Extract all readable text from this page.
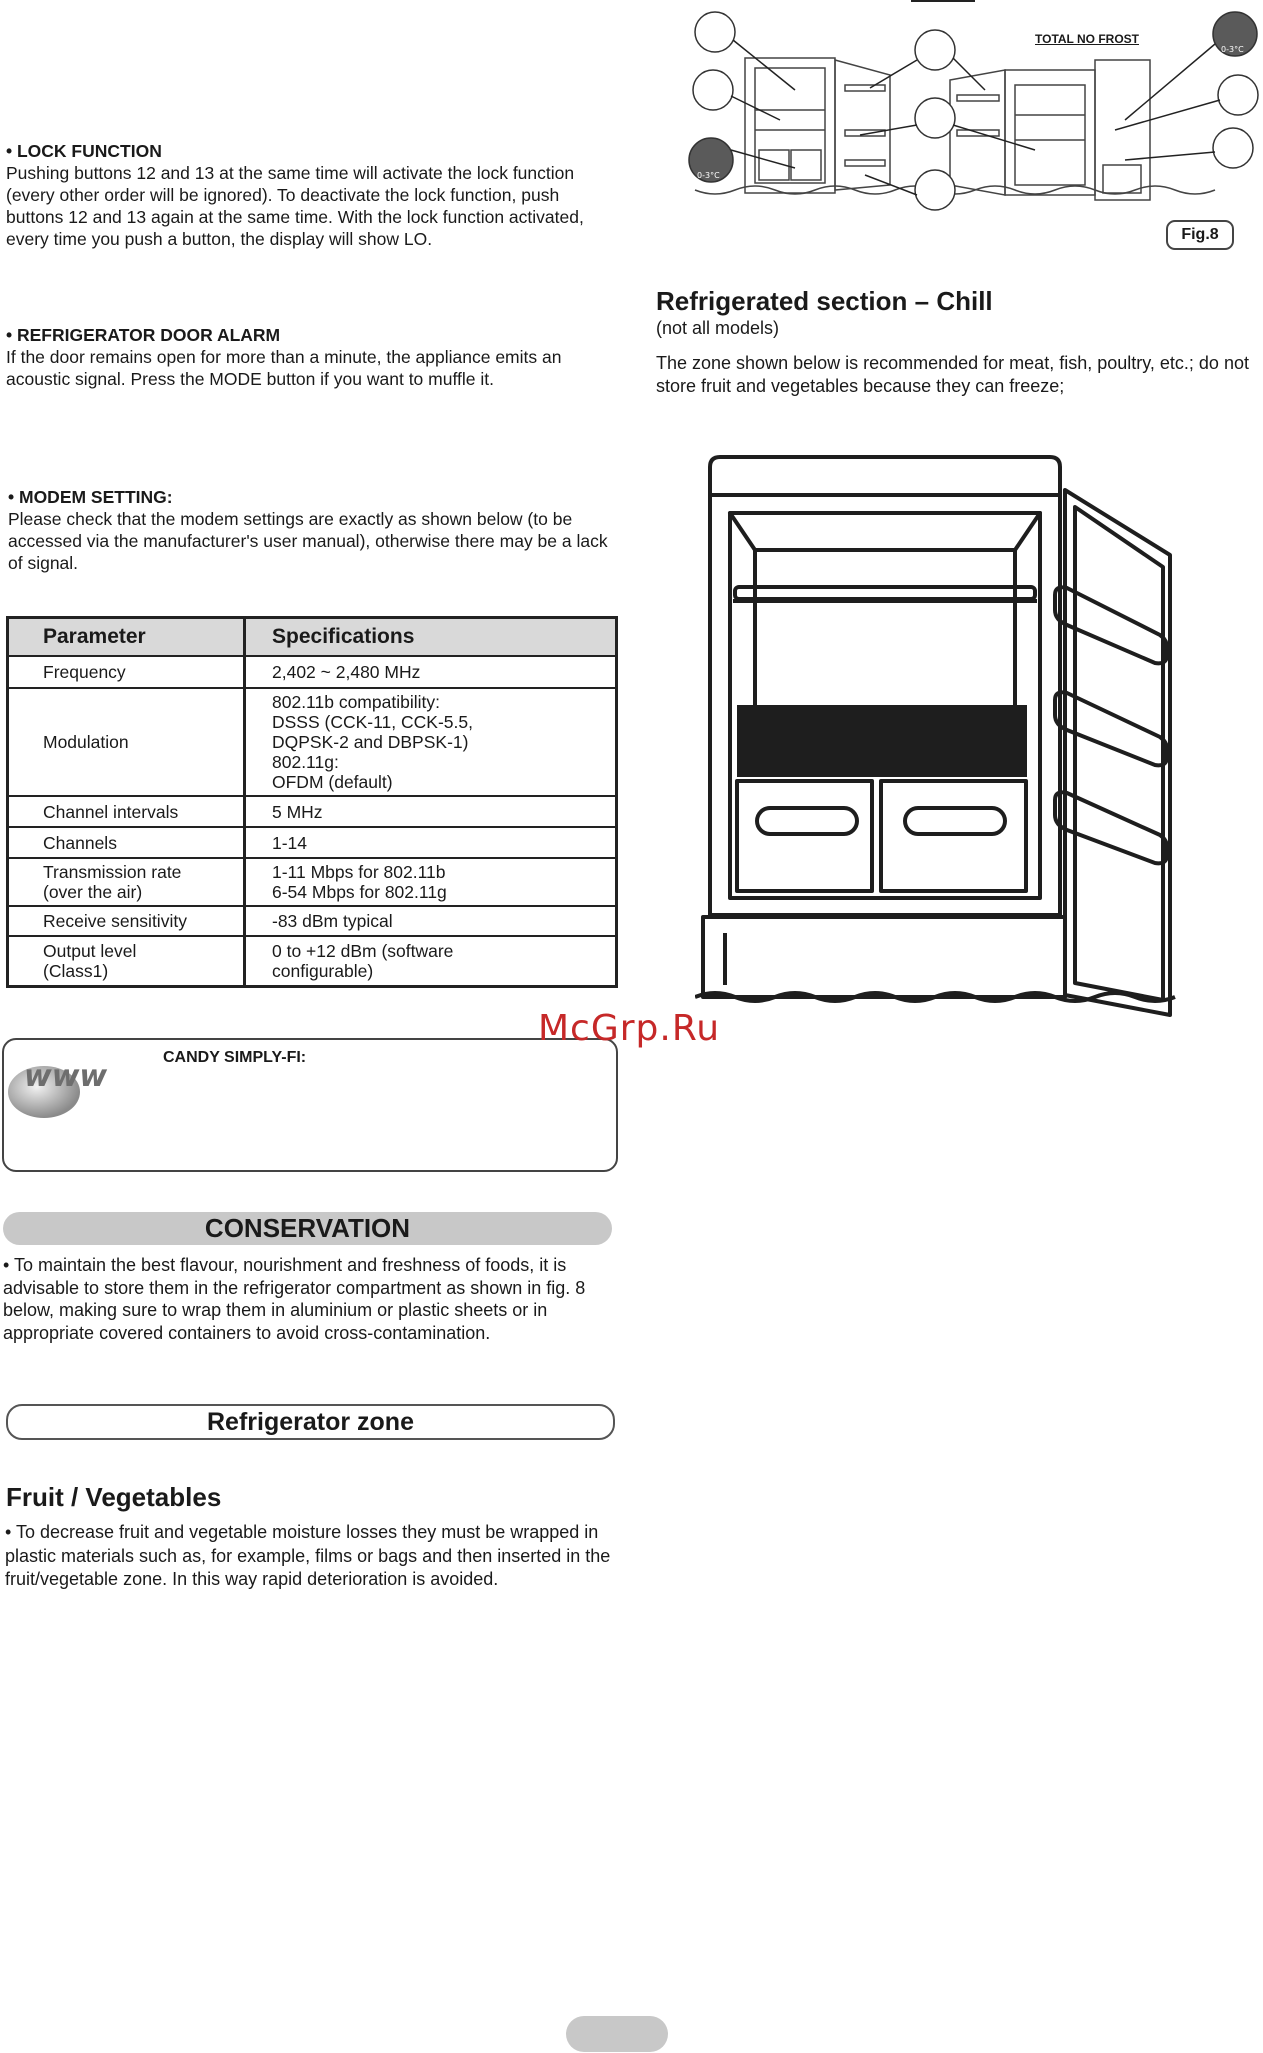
• LOCK FUNCTION

Pushing buttons 12 and 13 at the same time will activate the lock function (every other order will be ignored). To deactivate the lock function, push buttons 12 and 13 again at the same time. With the lock function activated, every time you push a button, the display will show LO.

• REFRIGERATOR DOOR ALARM

If the door remains open for more than a minute, the appliance emits an acoustic signal. Press the MODE button if you want to muffle it.

• MODEM SETTING:

Please check that the modem settings are exactly as shown below (to be accessed via the manufacturer's user manual), otherwise there may be a lack of signal.

Parameter	Specifications
Frequency	2,402 ~ 2,480 MHz
Modulation	802.11b compatibility:
DSSS (CCK-11, CCK-5.5,
DQPSK-2 and DBPSK-1)
802.11g:
OFDM (default)
Channel intervals	5 MHz
Channels	1-14
Transmission rate
(over the air)	1-11 Mbps for 802.11b
6-54 Mbps for 802.11g
Receive sensitivity	-83 dBm typical
Output level
(Class1)	0 to +12 dBm (software
configurable)
www
CANDY SIMPLY-FI:
CONSERVATION

• To maintain the best flavour, nourishment and freshness of foods, it is advisable to store them in the refrigerator compartment as shown in fig. 8 below, making sure to wrap them in aluminium or plastic sheets or in appropriate covered containers to avoid cross-contamination.

Refrigerator zone
Fruit / Vegetables

• To decrease fruit and vegetable moisture losses they must be wrapped in plastic materials such as, for example, films or bags and then inserted in the fruit/vegetable zone. In this way rapid deterioration is avoided.

0-3°C
0-3°C
TOTAL NO FROST
Fig.8
Refrigerated section – Chill
(not all models)

The zone shown below is recommended for meat, fish, poultry, etc.; do not store fruit and vegetables because they can freeze;

McGrp.Ru
